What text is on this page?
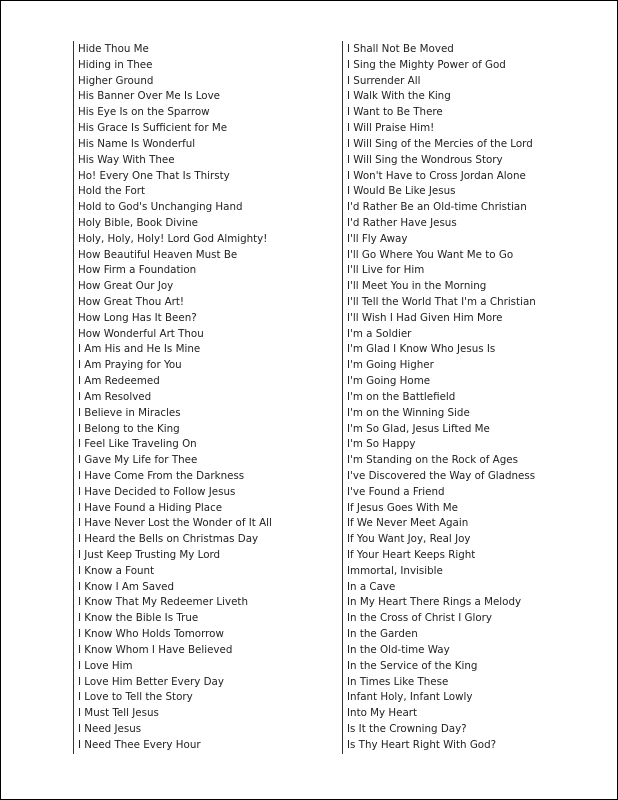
Hide Thou Me
Hiding in Thee
Higher Ground
His Banner Over Me Is Love
His Eye Is on the Sparrow
His Grace Is Sufficient for Me
His Name Is Wonderful
His Way With Thee
Ho! Every One That Is Thirsty
Hold the Fort
Hold to God's Unchanging Hand
Holy Bible, Book Divine
Holy, Holy, Holy! Lord God Almighty!
How Beautiful Heaven Must Be
How Firm a Foundation
How Great Our Joy
How Great Thou Art!
How Long Has It Been?
How Wonderful Art Thou
I Am His and He Is Mine
I Am Praying for You
I Am Redeemed
I Am Resolved
I Believe in Miracles
I Belong to the King
I Feel Like Traveling On
I Gave My Life for Thee
I Have Come From the Darkness
I Have Decided to Follow Jesus
I Have Found a Hiding Place
I Have Never Lost the Wonder of It All
I Heard the Bells on Christmas Day
I Just Keep Trusting My Lord
I Know a Fount
I Know I Am Saved
I Know That My Redeemer Liveth
I Know the Bible Is True
I Know Who Holds Tomorrow
I Know Whom I Have Believed
I Love Him
I Love Him Better Every Day
I Love to Tell the Story
I Must Tell Jesus
I Need Jesus
I Need Thee Every Hour
I Shall Not Be Moved
I Sing the Mighty Power of God
I Surrender All
I Walk With the King
I Want to Be There
I Will Praise Him!
I Will Sing of the Mercies of the Lord
I Will Sing the Wondrous Story
I Won't Have to Cross Jordan Alone
I Would Be Like Jesus
I'd Rather Be an Old-time Christian
I'd Rather Have Jesus
I'll Fly Away
I'll Go Where You Want Me to Go
I'll Live for Him
I'll Meet You in the Morning
I'll Tell the World That I'm a Christian
I'll Wish I Had Given Him More
I'm a Soldier
I'm Glad I Know Who Jesus Is
I'm Going Higher
I'm Going Home
I'm on the Battlefield
I'm on the Winning Side
I'm So Glad, Jesus Lifted Me
I'm So Happy
I'm Standing on the Rock of Ages
I've Discovered the Way of Gladness
I've Found a Friend
If Jesus Goes With Me
If We Never Meet Again
If You Want Joy, Real Joy
If Your Heart Keeps Right
Immortal, Invisible
In a Cave
In My Heart There Rings a Melody
In the Cross of Christ I Glory
In the Garden
In the Old-time Way
In the Service of the King
In Times Like These
Infant Holy, Infant Lowly
Into My Heart
Is It the Crowning Day?
Is Thy Heart Right With God?
